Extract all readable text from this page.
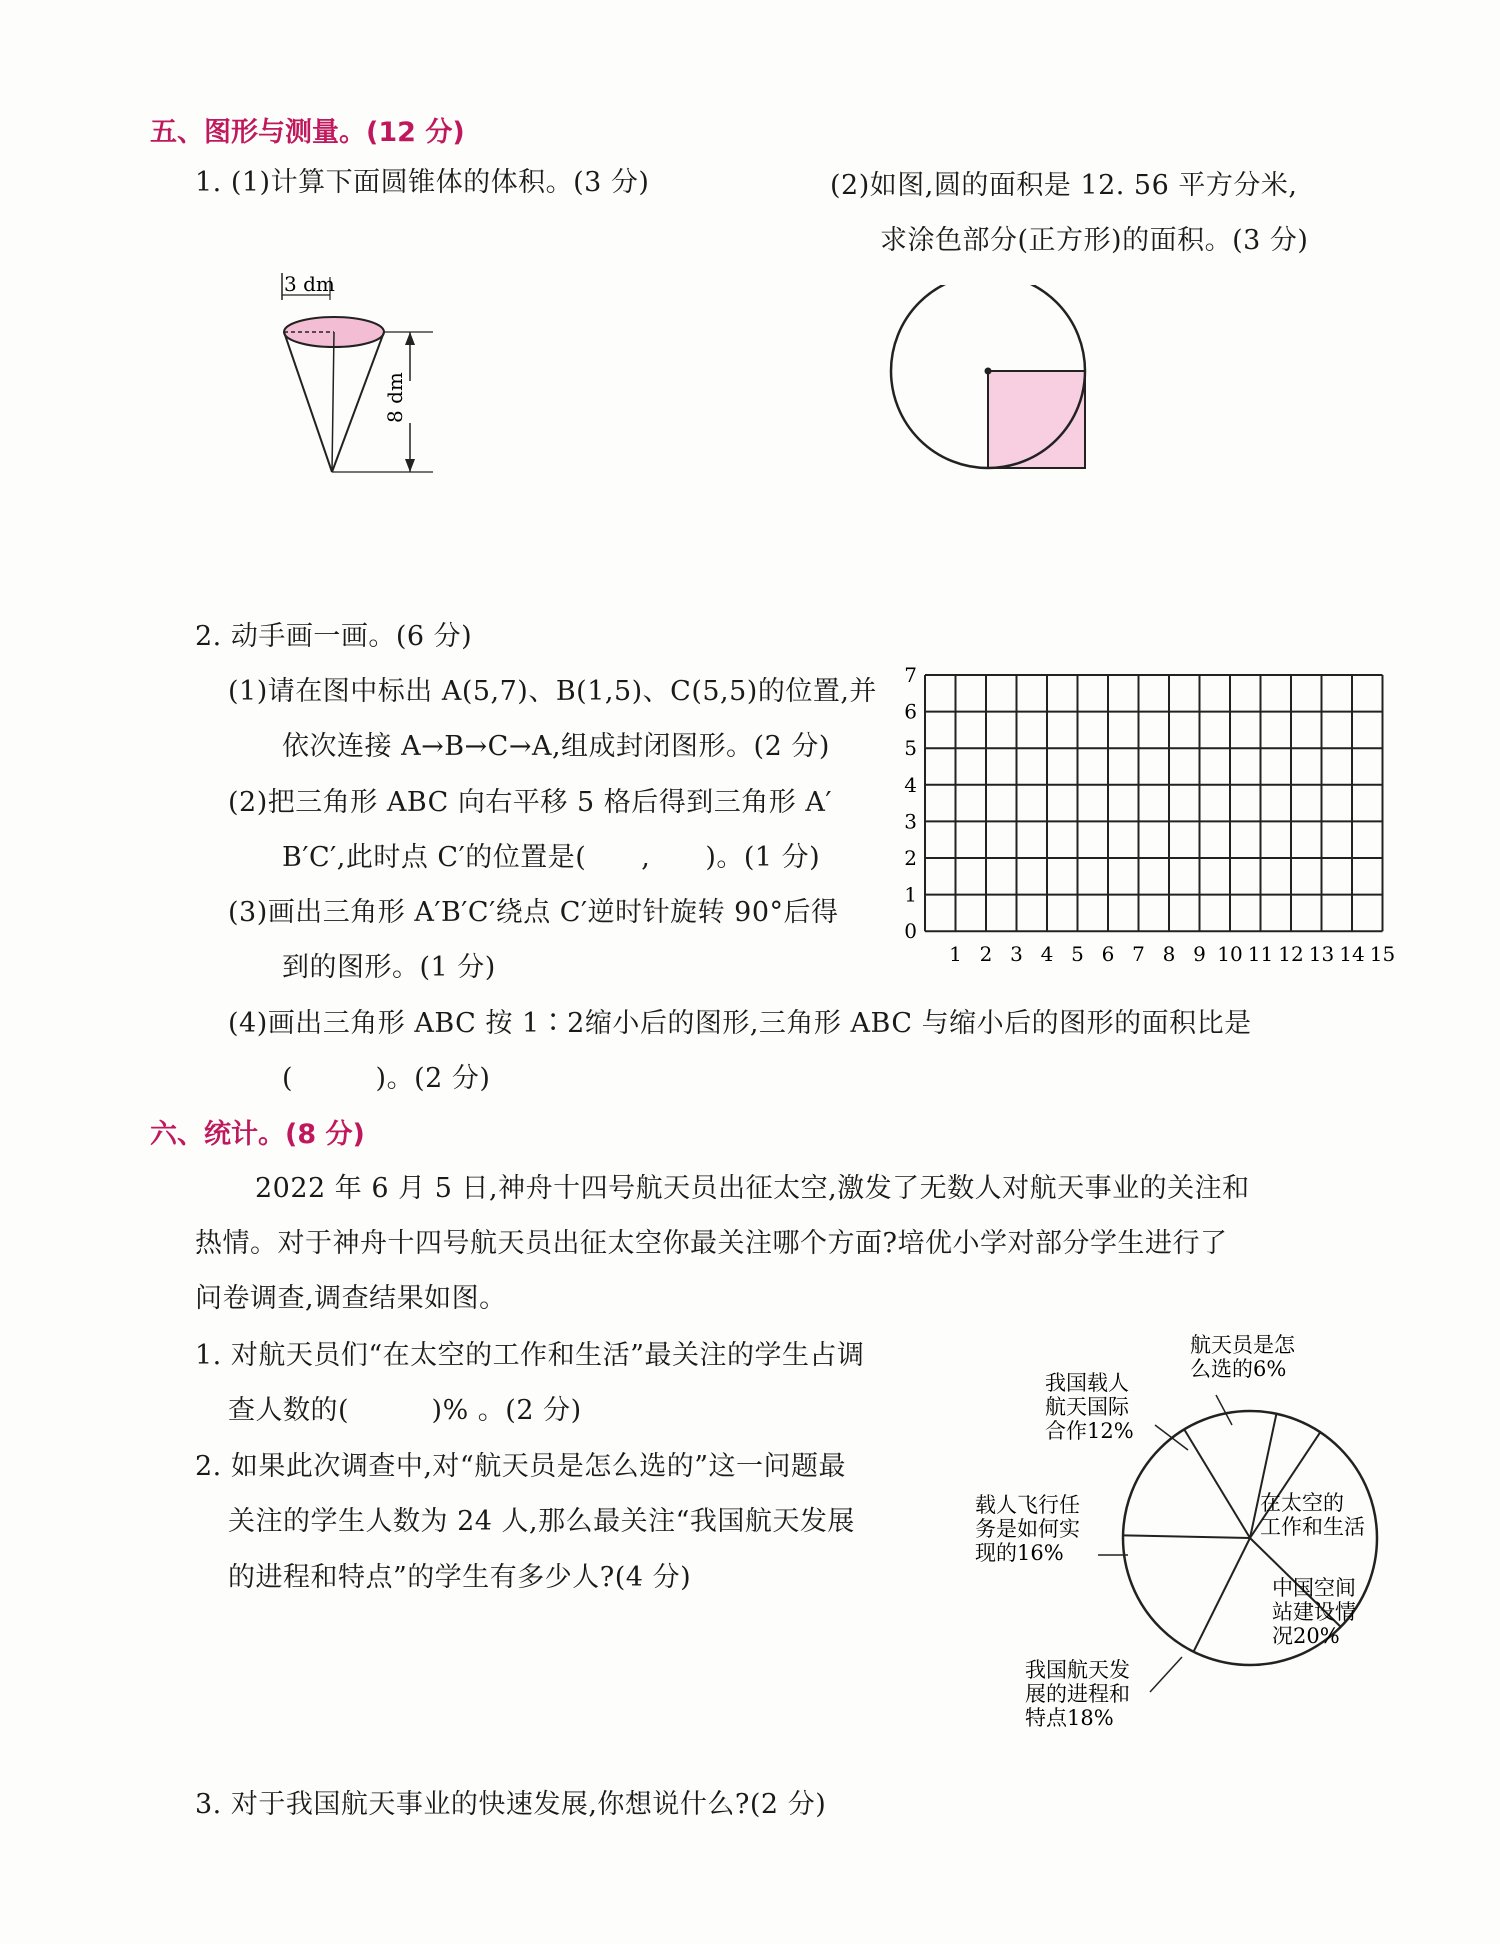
五、图形与测量。(12 分)
1. (1)计算下面圆锥体的体积。(3 分)	(2)如图,圆的面积是 12. 56 平方分米,
求涂色部分(正方形)的面积。(3 分)
3 dm
8 dm
2. 动手画一画。(6 分)
(1)请在图中标出 A(5,7)、B(1,5)、C(5,5)的位置,并
依次连接 A→B→C→A,组成封闭图形。(2 分)
(2)把三角形 ABC 向右平移 5 格后得到三角形 A′
B′C′,此时点 C′的位置是(　　,　　)。(1 分)
(3)画出三角形 A′B′C′绕点 C′逆时针旋转 90°后得
到的图形。(1 分)
(4)画出三角形 ABC 按 1∶2缩小后的图形,三角形 ABC 与缩小后的图形的面积比是
(　　　)。(2 分)
7
6
5
4
3
2
1
0
1 2 3 4 5 6 7 8 9 10 11 12 13 14 15
六、统计。(8 分)
2022 年 6 月 5 日,神舟十四号航天员出征太空,激发了无数人对航天事业的关注和
热情。对于神舟十四号航天员出征太空你最关注哪个方面?培优小学对部分学生进行了
问卷调查,调查结果如图。
1. 对航天员们“在太空的工作和生活”最关注的学生占调
查人数的(　　　)% 。(2 分)
2. 如果此次调查中,对“航天员是怎么选的”这一问题最
关注的学生人数为 24 人,那么最关注“我国航天发展
的进程和特点”的学生有多少人?(4 分)
3. 对于我国航天事业的快速发展,你想说什么?(2 分)
航天员是怎
么选的6%
我国载人
航天国际
合作12%
载人飞行任
务是如何实
现的16%
我国航天发
展的进程和
特点18%
中国空间
站建设情
况20%
在太空的
工作和生活
